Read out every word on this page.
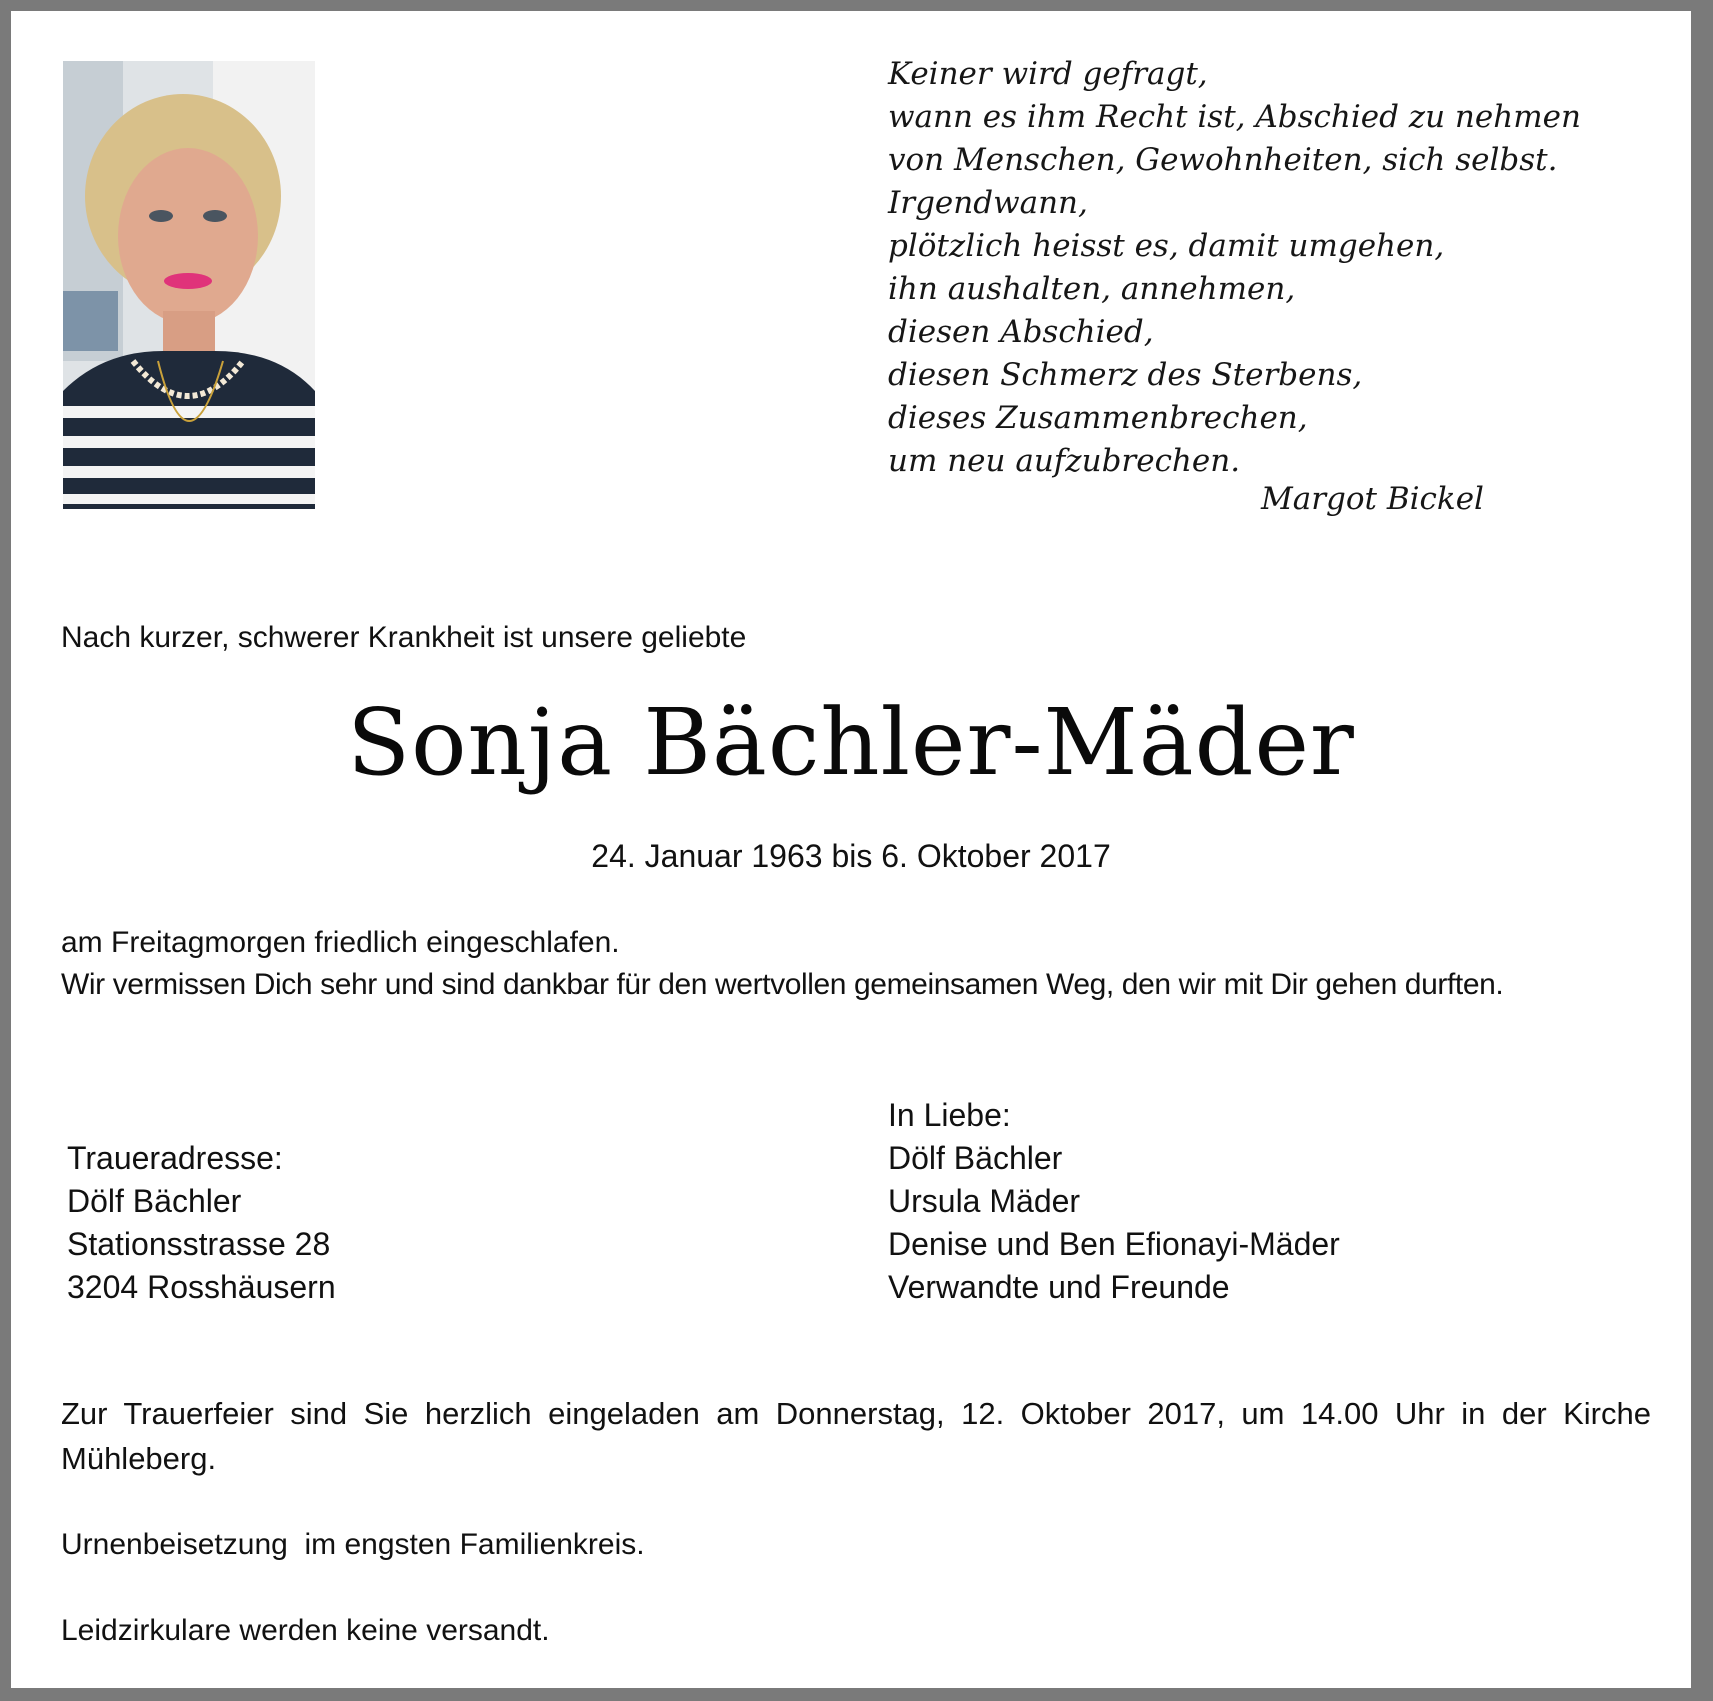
Keiner wird gefragt,
wann es ihm Recht ist, Abschied zu nehmen
von Menschen, Gewohnheiten, sich selbst.
Irgendwann,
plötzlich heisst es, damit umgehen,
ihn aushalten, annehmen,
diesen Abschied,
diesen Schmerz des Sterbens,
dieses Zusammenbrechen,
um neu aufzubrechen.
Margot Bickel
Nach kurzer, schwerer Krankheit ist unsere geliebte
Sonja Bächler-Mäder
24. Januar 1963 bis 6. Oktober 2017
am Freitagmorgen friedlich eingeschlafen.
Wir vermissen Dich sehr und sind dankbar für den wertvollen gemeinsamen Weg, den wir mit Dir gehen durften.
Traueradresse:
Dölf Bächler
Stationsstrasse 28
3204 Rosshäusern
In Liebe:
Dölf Bächler
Ursula Mäder
Denise und Ben Efionayi-Mäder
Verwandte und Freunde
Zur Trauerfeier sind Sie herzlich eingeladen am Donnerstag, 12. Oktober 2017, um 14.00 Uhr in der Kirche Mühleberg.
Urnenbeisetzung  im engsten Familienkreis.
Leidzirkulare werden keine versandt.
